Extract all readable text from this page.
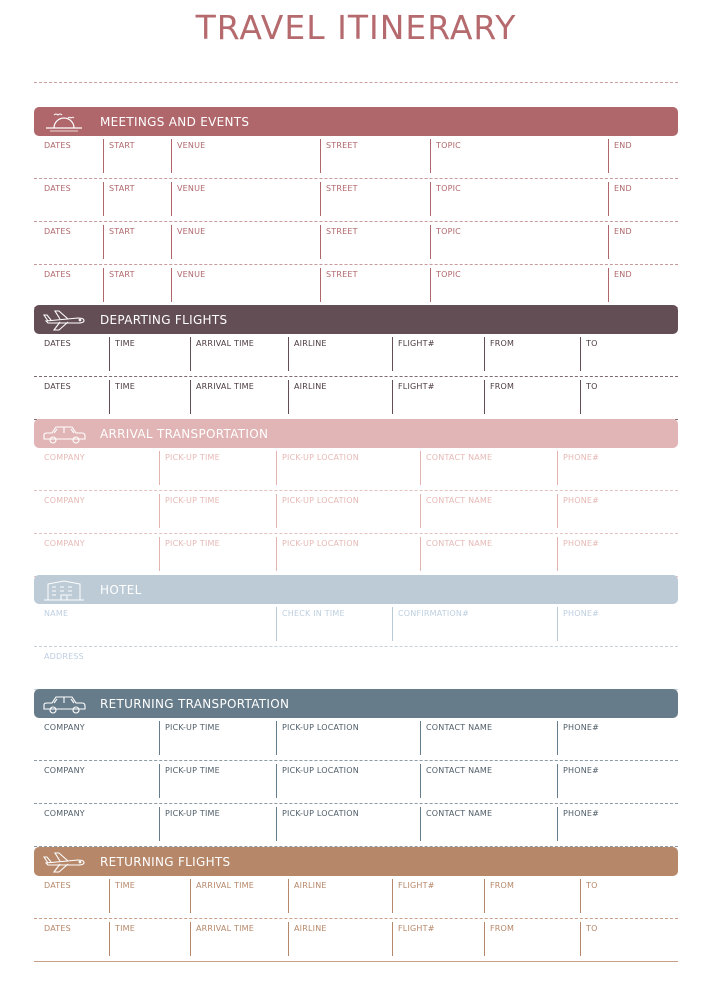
TRAVEL ITINERARY
MEETINGS AND EVENTS
DATES	START	VENUE	STREET	TOPIC	END
DATES	START	VENUE	STREET	TOPIC	END
DATES	START	VENUE	STREET	TOPIC	END
DATES	START	VENUE	STREET	TOPIC	END
DEPARTING FLIGHTS
DATES	TIME	ARRIVAL TIME	AIRLINE	FLIGHT#	FROM	TO
DATES	TIME	ARRIVAL TIME	AIRLINE	FLIGHT#	FROM	TO
ARRIVAL TRANSPORTATION
COMPANY	PICK-UP TIME	PICK-UP LOCATION	CONTACT NAME	PHONE#
COMPANY	PICK-UP TIME	PICK-UP LOCATION	CONTACT NAME	PHONE#
COMPANY	PICK-UP TIME	PICK-UP LOCATION	CONTACT NAME	PHONE#
HOTEL
NAME	CHECK IN TIME	CONFIRMATION#	PHONE#
ADDRESS
RETURNING TRANSPORTATION
COMPANY	PICK-UP TIME	PICK-UP LOCATION	CONTACT NAME	PHONE#
COMPANY	PICK-UP TIME	PICK-UP LOCATION	CONTACT NAME	PHONE#
COMPANY	PICK-UP TIME	PICK-UP LOCATION	CONTACT NAME	PHONE#
RETURNING FLIGHTS
DATES	TIME	ARRIVAL TIME	AIRLINE	FLIGHT#	FROM	TO
DATES	TIME	ARRIVAL TIME	AIRLINE	FLIGHT#	FROM	TO
